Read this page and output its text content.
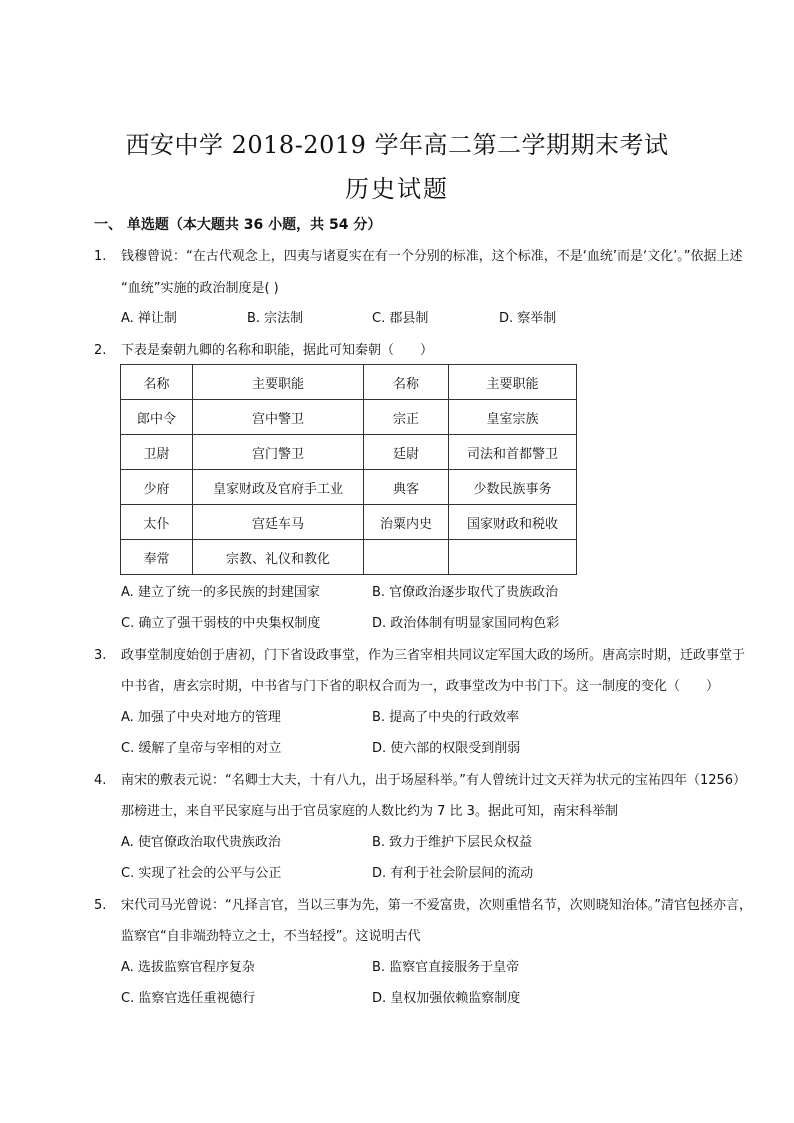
西安中学 2018-2019 学年高二第二学期期末考试
历史试题
一、 单选题（本大题共 36 小题，共 54 分）
1. 钱穆曾说：“在古代观念上，四夷与诸夏实在有一个分别的标准，这个标准，不是‘血统’而是‘文化’。”依据上述
“血统”实施的政治制度是( )
A. 禅让制	B. 宗法制	C. 郡县制	D. 察举制
2. 下表是秦朝九卿的名称和职能，据此可知秦朝（　　）
名称	主要职能	名称	主要职能
郎中令	宫中警卫	宗正	皇室宗族
卫尉	宫门警卫	廷尉	司法和首都警卫
少府	皇家财政及官府手工业	典客	少数民族事务
太仆	宫廷车马	治粟内史	国家财政和税收
奉常	宗教、礼仪和教化		
A. 建立了统一的多民族的封建国家	B. 官僚政治逐步取代了贵族政治
C. 确立了强干弱枝的中央集权制度	D. 政治体制有明显家国同构色彩
3. 政事堂制度始创于唐初，门下省设政事堂，作为三省宰相共同议定军国大政的场所。唐高宗时期，迁政事堂于
中书省，唐玄宗时期，中书省与门下省的职权合而为一，政事堂改为中书门下。这一制度的变化（　　）
A. 加强了中央对地方的管理	B. 提高了中央的行政效率
C. 缓解了皇帝与宰相的对立	D. 使六部的权限受到削弱
4. 南宋的敷表元说：“名卿士大夫，十有八九，出于场屋科举。”有人曾统计过文天祥为状元的宝祐四年（1256）
那榜进士，来自平民家庭与出于官员家庭的人数比约为 7 比 3。据此可知，南宋科举制
A. 使官僚政治取代贵族政治	B. 致力于维护下层民众权益
C. 实现了社会的公平与公正	D. 有利于社会阶层间的流动
5. 宋代司马光曾说：“凡择言官，当以三事为先，第一不爱富贵，次则重惜名节，次则晓知治体。”清官包拯亦言，
监察官“自非端劲特立之士，不当轻授”。这说明古代
A. 选拔监察官程序复杂	B. 监察官直接服务于皇帝
C. 监察官选任重视德行	D. 皇权加强依赖监察制度
